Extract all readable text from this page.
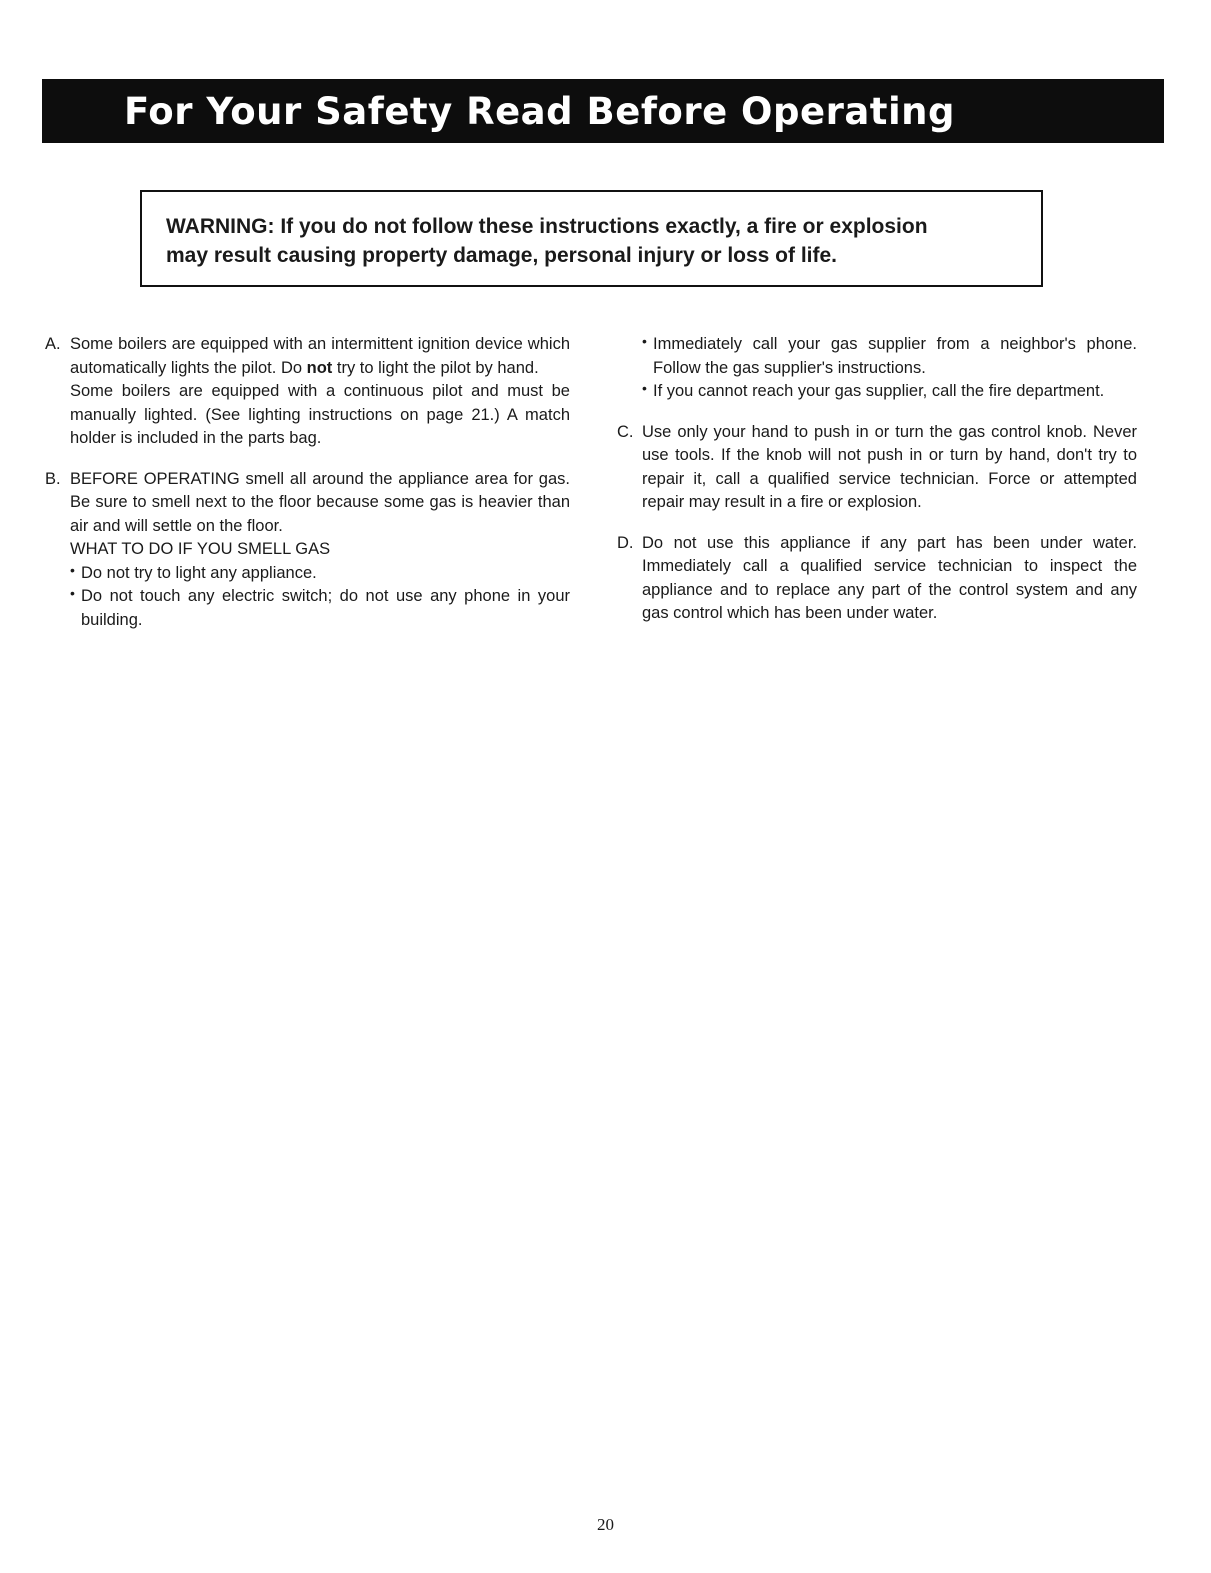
For Your Safety Read Before Operating
WARNING: If you do not follow these instructions exactly, a fire or explosion
may result causing property damage, personal injury or loss of life.
A. Some boilers are equipped with an intermittent ignition device which automatically lights the pilot. Do not try to light the pilot by hand.

Some boilers are equipped with a continuous pilot and must be manually lighted. (See lighting instructions on page 21.) A match holder is included in the parts bag.

B. BEFORE OPERATING smell all around the appliance area for gas. Be sure to smell next to the floor because some gas is heavier than air and will settle on the floor.

WHAT TO DO IF YOU SMELL GAS

• Do not try to light any appliance.

• Do not touch any electric switch; do not use any phone in your building.

• Immediately call your gas supplier from a neighbor's phone. Follow the gas supplier's instructions.

• If you cannot reach your gas supplier, call the fire department.

C. Use only your hand to push in or turn the gas control knob. Never use tools. If the knob will not push in or turn by hand, don't try to repair it, call a qualified service technician. Force or attempted repair may result in a fire or explosion.

D. Do not use this appliance if any part has been under water. Immediately call a qualified service technician to inspect the appliance and to replace any part of the control system and any gas control which has been under water.

20
